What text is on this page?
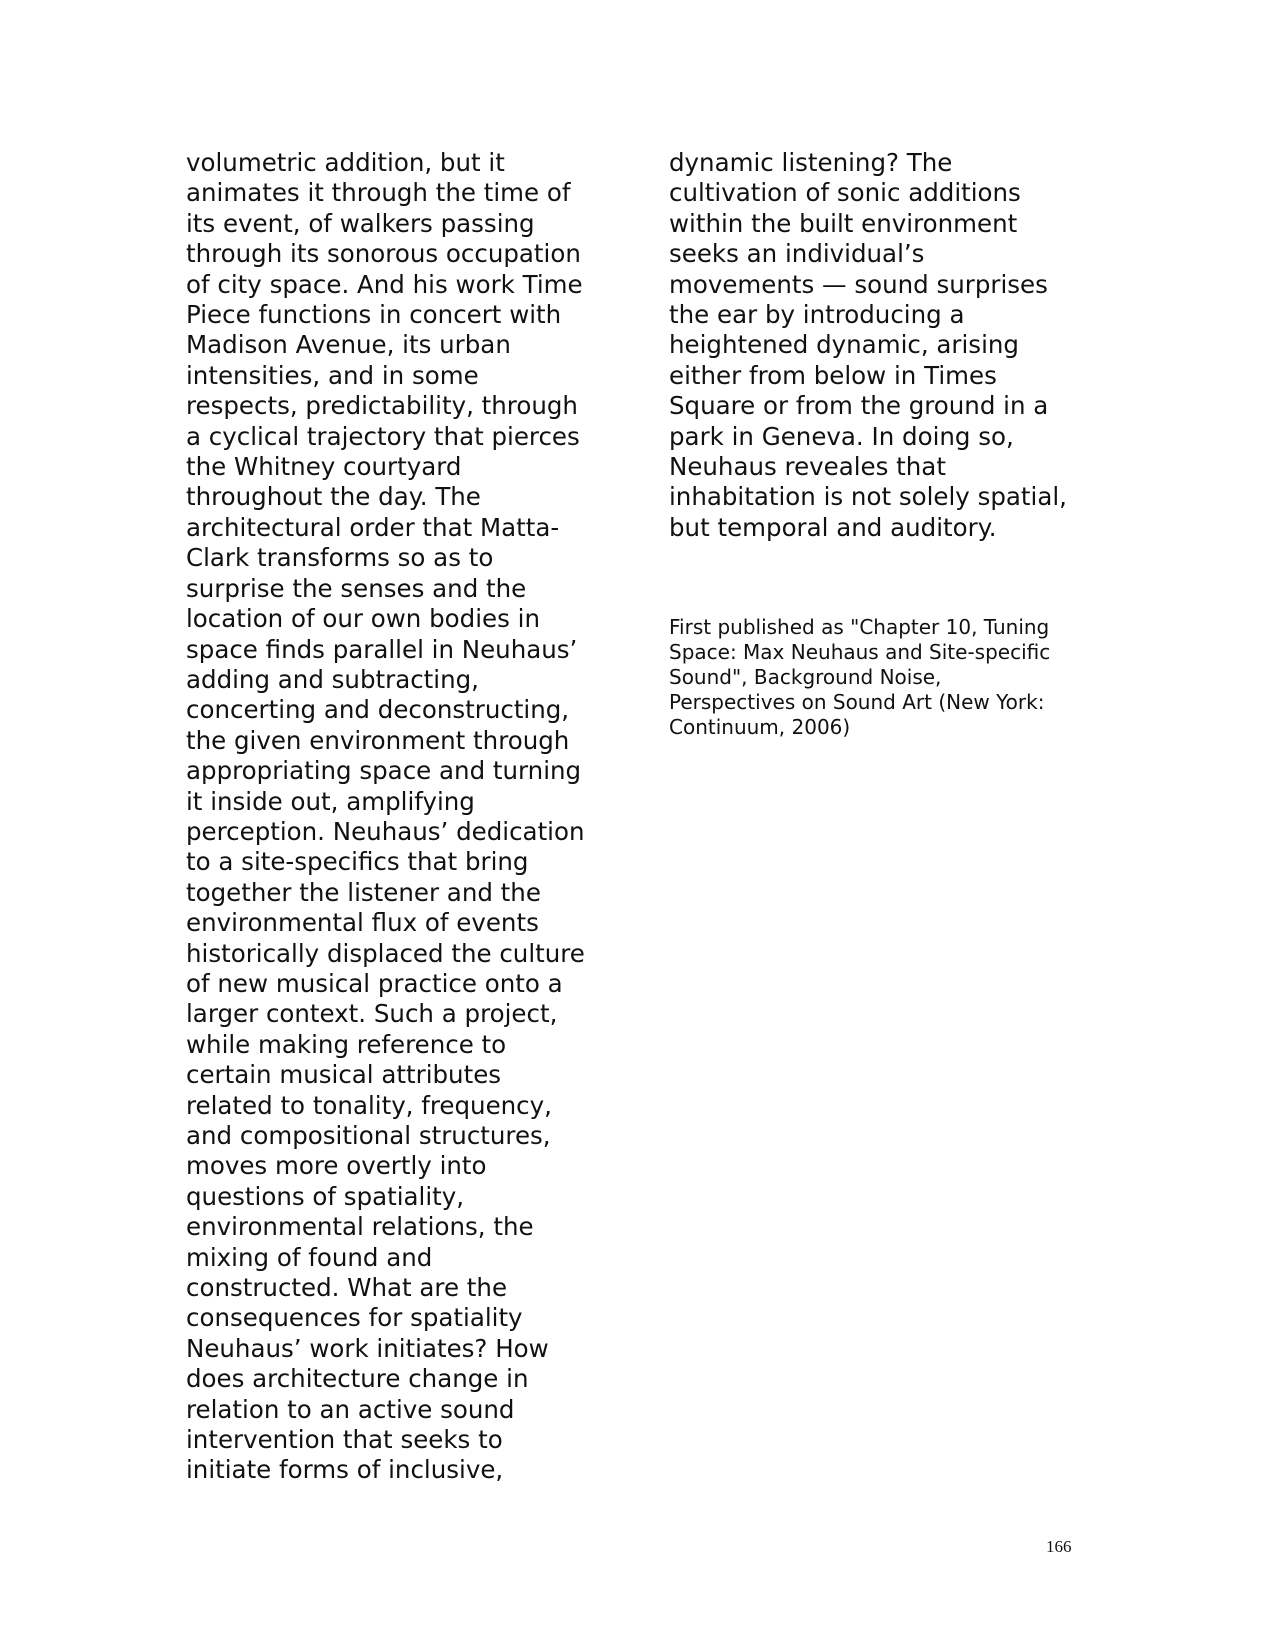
volumetric addition, but it
animates it through the time of
its event, of walkers passing
through its sonorous occupation
of city space. And his work Time
Piece functions in concert with
Madison Avenue, its urban
intensities, and in some
respects, predictability, through
a cyclical trajectory that pierces
the Whitney courtyard
throughout the day. The
architectural order that Matta-
Clark transforms so as to
surprise the senses and the
location of our own bodies in
space finds parallel in Neuhaus’
adding and subtracting,
concerting and deconstructing,
the given environment through
appropriating space and turning
it inside out, amplifying
perception. Neuhaus’ dedication
to a site-specifics that bring
together the listener and the
environmental flux of events
historically displaced the culture
of new musical practice onto a
larger context. Such a project,
while making reference to
certain musical attributes
related to tonality, frequency,
and compositional structures,
moves more overtly into
questions of spatiality,
environmental relations, the
mixing of found and
constructed. What are the
consequences for spatiality
Neuhaus’ work initiates? How
does architecture change in
relation to an active sound
intervention that seeks to
initiate forms of inclusive,
dynamic listening? The
cultivation of sonic additions
within the built environment
seeks an individual’s
movements — sound surprises
the ear by introducing a
heightened dynamic, arising
either from below in Times
Square or from the ground in a
park in Geneva. In doing so,
Neuhaus reveales that
inhabitation is not solely spatial,
but temporal and auditory.
First published as "Chapter 10, Tuning
Space: Max Neuhaus and Site-specific
Sound", Background Noise,
Perspectives on Sound Art (New York:
Continuum, 2006)
166
